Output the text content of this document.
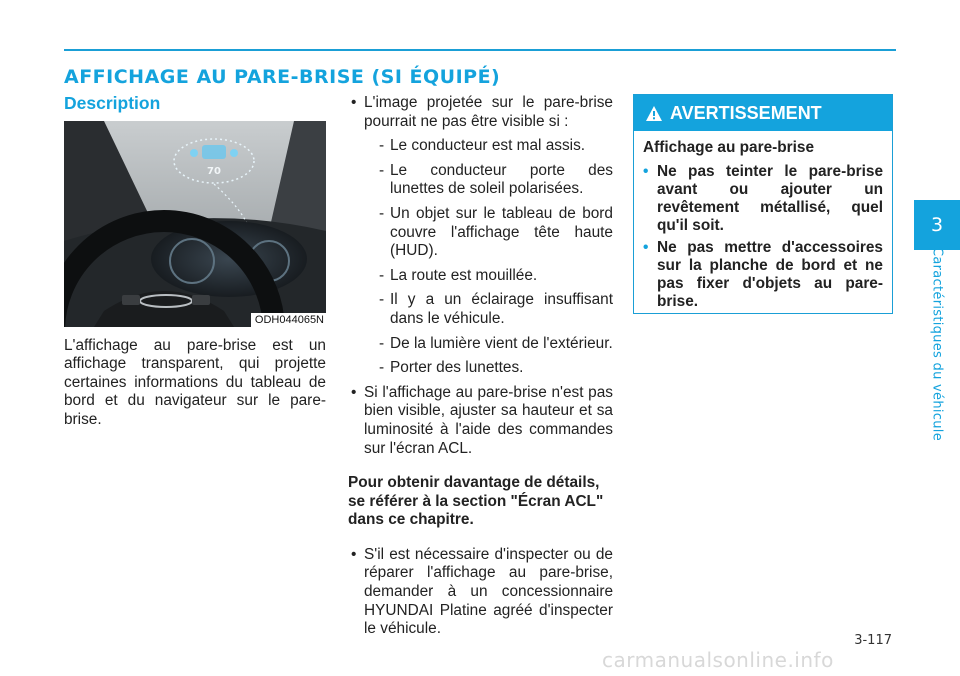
AFFICHAGE AU PARE-BRISE (SI ÉQUIPÉ)
Description
70
ODH044065N

L'affichage au pare-brise est un affichage transparent, qui projette certaines informations du tableau de bord et du navigateur sur le pare-brise.

• L'image projetée sur le pare-brise pourrait ne pas être visible si :
- Le conducteur est mal assis.
- Le conducteur porte des lunettes de soleil polarisées.
- Un objet sur le tableau de bord couvre l'affichage tête haute (HUD).
- La route est mouillée.
- Il y a un éclairage insuffisant dans le véhicule.
- De la lumière vient de l'extérieur.
- Porter des lunettes.
• Si l'affichage au pare-brise n'est pas bien visible, ajuster sa hauteur et sa luminosité à l'aide des commandes sur l'écran ACL.

Pour obtenir davantage de détails, se référer à la section "Écran ACL" dans ce chapitre.

• S'il est nécessaire d'inspecter ou de réparer l'affichage au pare-brise, demander à un concessionnaire HYUNDAI Platine agréé d'inspecter le véhicule.
AVERTISSEMENT

Affichage au pare-brise

• Ne pas teinter le pare-brise avant ou ajouter un revêtement métallisé, quel qu'il soit.
• Ne pas mettre d'accessoires sur la planche de bord et ne pas fixer d'objets au pare-brise.
3
Caractéristiques du véhicule
3-117
carmanualsonline.info
